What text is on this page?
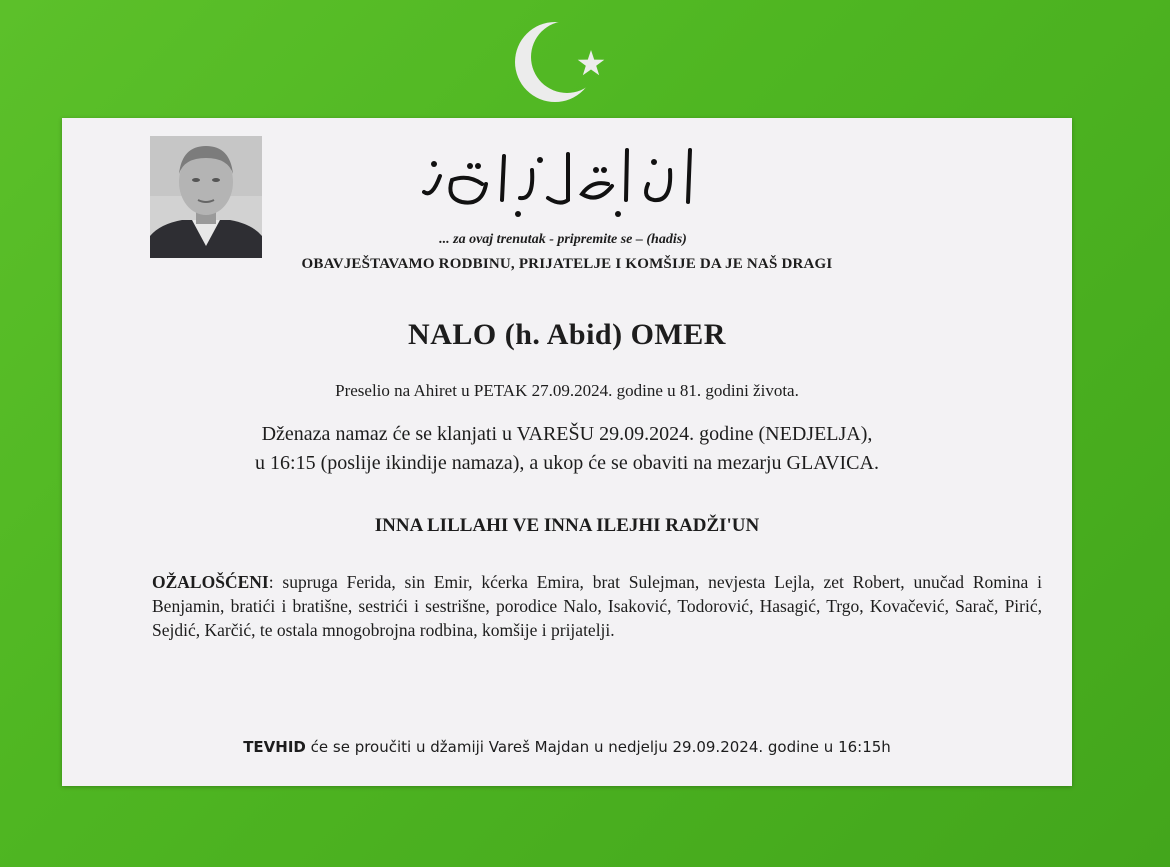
... za ovaj trenutak - pripremite se – (hadis)
OBAVJEŠTAVAMO RODBINU, PRIJATELJE I KOMŠIJE DA JE NAŠ DRAGI
NALO (h. Abid) OMER
Preselio na Ahiret u PETAK 27.09.2024. godine u 81. godini života.
Dženaza namaz će se klanjati u VAREŠU 29.09.2024. godine (NEDJELJA),
u 16:15 (poslije ikindije namaza), a ukop će se obaviti na mezarju GLAVICA.
INNA LILLAHI VE INNA ILEJHI RADŽI'UN
OŽALOŠĆENI: supruga Ferida, sin Emir, kćerka Emira, brat Sulejman, nevjesta Lejla, zet Robert, unučad Romina i Benjamin, bratići i bratišne, sestrići i sestrišne, porodice Nalo, Isaković, Todorović, Hasagić, Trgo, Kovačević, Sarač, Pirić, Sejdić, Karčić, te ostala mnogobrojna rodbina, komšije i prijatelji.
TEVHID će se proučiti u džamiji Vareš Majdan u nedjelju 29.09.2024. godine u 16:15h
